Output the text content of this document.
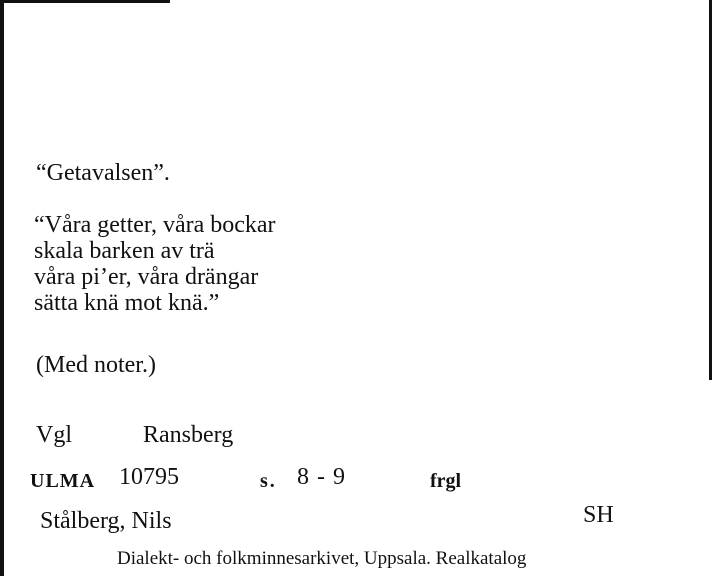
“Getavalsen”.
“Våra getter, våra bockar
skala barken av trä
våra pi’er, våra drängar
sätta knä mot knä.”
(Med noter.)
Vgl	Ransberg
ULMA 10795	s. 8 - 9	frgl
Stålberg, Nils	SH
Dialekt- och folkminnesarkivet, Uppsala. Realkatalog
